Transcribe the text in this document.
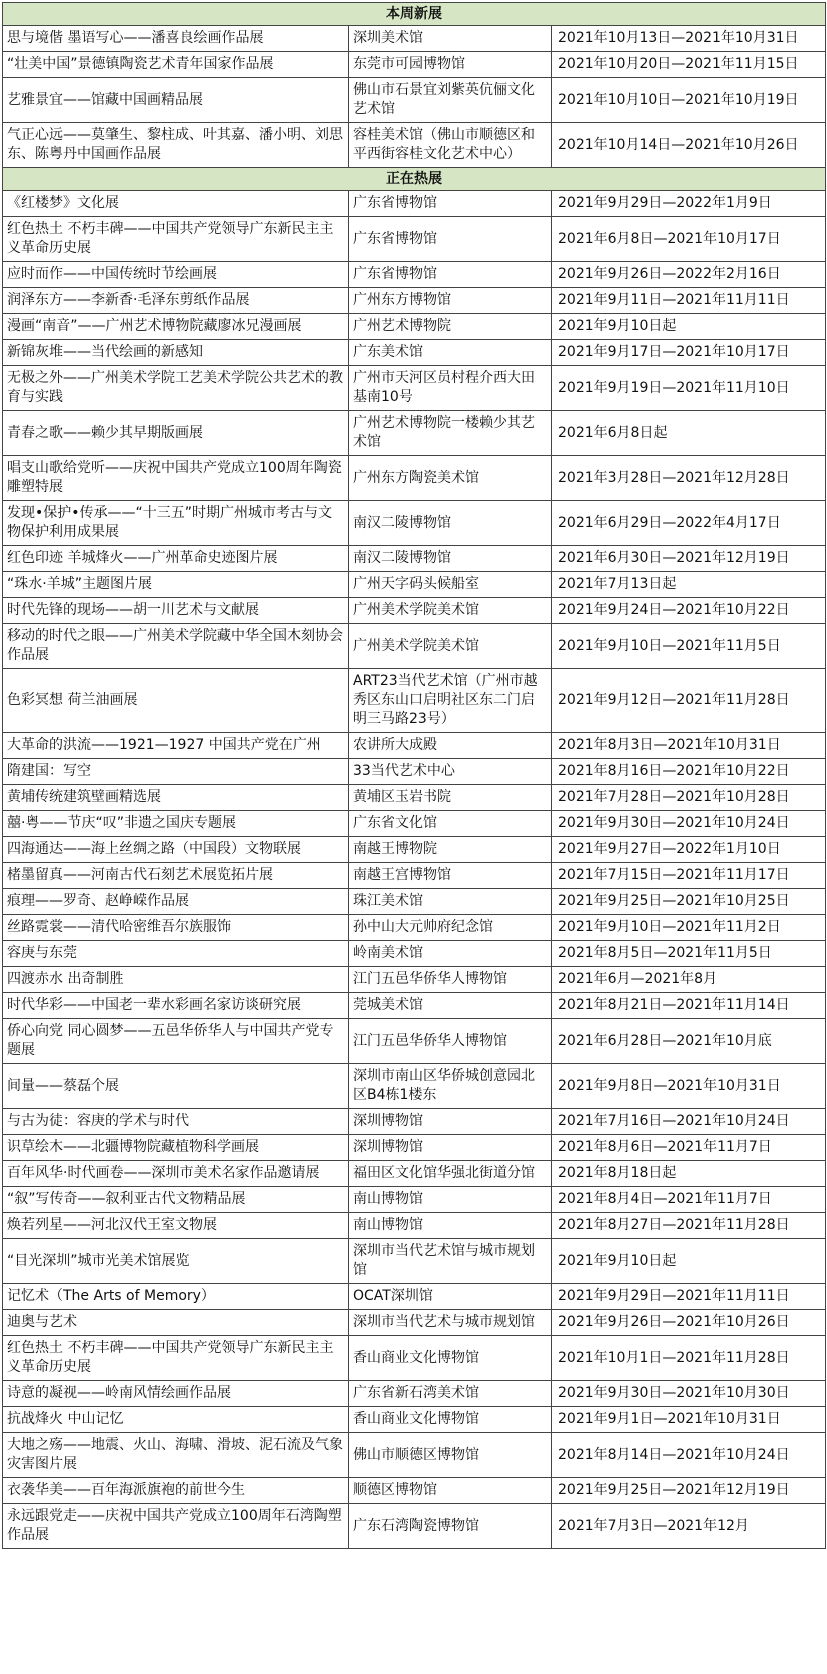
本周新展		
思与境偕 墨语写心——潘喜良绘画作品展	深圳美术馆	2021年10月13日—2021年10月31日
“壮美中国”景德镇陶瓷艺术青年国家作品展	东莞市可园博物馆	2021年10月20日—2021年11月15日
艺雅景宜——馆藏中国画精品展	佛山市石景宜刘紫英伉俪文化艺术馆	2021年10月10日—2021年10月19日
气正心远——莫肇生、黎柱成、叶其嘉、潘小明、刘思东、陈粤丹中国画作品展	容桂美术馆（佛山市顺德区和平西街容桂文化艺术中心）	2021年10月14日—2021年10月26日
正在热展		
《红楼梦》文化展	广东省博物馆	2021年9月29日—2022年1月9日
红色热土 不朽丰碑——中国共产党领导广东新民主主义革命历史展	广东省博物馆	2021年6月8日—2021年10月17日
应时而作——中国传统时节绘画展	广东省博物馆	2021年9月26日—2022年2月16日
润泽东方——李新香·毛泽东剪纸作品展	广州东方博物馆	2021年9月11日—2021年11月11日
漫画“南音”——广州艺术博物院藏廖冰兄漫画展	广州艺术博物院	2021年9月10日起
新锦灰堆——当代绘画的新感知	广东美术馆	2021年9月17日—2021年10月17日
无极之外——广州美术学院工艺美术学院公共艺术的教育与实践	广州市天河区员村程介西大田基南10号	2021年9月19日—2021年11月10日
青春之歌——赖少其早期版画展	广州艺术博物院一楼赖少其艺术馆	2021年6月8日起
唱支山歌给党听——庆祝中国共产党成立100周年陶瓷雕塑特展	广州东方陶瓷美术馆	2021年3月28日—2021年12月28日
发现•保护•传承——“十三五”时期广州城市考古与文物保护利用成果展	南汉二陵博物馆	2021年6月29日—2022年4月17日
红色印迹 羊城烽火——广州革命史迹图片展	南汉二陵博物馆	2021年6月30日—2021年12月19日
“珠水·羊城”主题图片展	广州天字码头候船室	2021年7月13日起
时代先锋的现场——胡一川艺术与文献展	广州美术学院美术馆	2021年9月24日—2021年10月22日
移动的时代之眼——广州美术学院藏中华全国木刻协会作品展	广州美术学院美术馆	2021年9月10日—2021年11月5日
色彩冥想 荷兰油画展	ART23当代艺术馆（广州市越秀区东山口启明社区东二门启明三马路23号）	2021年9月12日—2021年11月28日
大革命的洪流——1921—1927 中国共产党在广州	农讲所大成殿	2021年8月3日—2021年10月31日
隋建国：写空	33当代艺术中心	2021年8月16日—2021年10月22日
黄埔传统建筑壁画精选展	黄埔区玉岩书院	2021年7月28日—2021年10月28日
囍·粤——节庆“叹”非遗之国庆专题展	广东省文化馆	2021年9月30日—2021年10月24日
四海通达——海上丝绸之路（中国段）文物联展	南越王博物院	2021年9月27日—2022年1月10日
楮墨留真——河南古代石刻艺术展览拓片展	南越王宫博物馆	2021年7月15日—2021年11月17日
痕理——罗奇、赵峥嵘作品展	珠江美术馆	2021年9月25日—2021年10月25日
丝路霓裳——清代哈密维吾尔族服饰	孙中山大元帅府纪念馆	2021年9月10日—2021年11月2日
容庚与东莞	岭南美术馆	2021年8月5日—2021年11月5日
四渡赤水 出奇制胜	江门五邑华侨华人博物馆	2021年6月—2021年8月
时代华彩——中国老一辈水彩画名家访谈研究展	莞城美术馆	2021年8月21日—2021年11月14日
侨心向党 同心圆梦——五邑华侨华人与中国共产党专题展	江门五邑华侨华人博物馆	2021年6月28日—2021年10月底
间量——蔡磊个展	深圳市南山区华侨城创意园北区B4栋1楼东	2021年9月8日—2021年10月31日
与古为徒：容庚的学术与时代	深圳博物馆	2021年7月16日—2021年10月24日
识草绘木——北疆博物院藏植物科学画展	深圳博物馆	2021年8月6日—2021年11月7日
百年风华·时代画卷——深圳市美术名家作品邀请展	福田区文化馆华强北街道分馆	2021年8月18日起
“叙”写传奇——叙利亚古代文物精品展	南山博物馆	2021年8月4日—2021年11月7日
焕若列星——河北汉代王室文物展	南山博物馆	2021年8月27日—2021年11月28日
“目光深圳”城市光美术馆展览	深圳市当代艺术馆与城市规划馆	2021年9月10日起
记忆术（The Arts of Memory）	OCAT深圳馆	2021年9月29日—2021年11月11日
迪奥与艺术	深圳市当代艺术与城市规划馆	2021年9月26日—2021年10月26日
红色热土 不朽丰碑——中国共产党领导广东新民主主义革命历史展	香山商业文化博物馆	2021年10月1日—2021年11月28日
诗意的凝视——岭南风情绘画作品展	广东省新石湾美术馆	2021年9月30日—2021年10月30日
抗战烽火 中山记忆	香山商业文化博物馆	2021年9月1日—2021年10月31日
大地之殇——地震、火山、海啸、滑坡、泥石流及气象灾害图片展	佛山市顺德区博物馆	2021年8月14日—2021年10月24日
衣袭华美——百年海派旗袍的前世今生	顺德区博物馆	2021年9月25日—2021年12月19日
永远跟党走——庆祝中国共产党成立100周年石湾陶塑作品展	广东石湾陶瓷博物馆	2021年7月3日—2021年12月
